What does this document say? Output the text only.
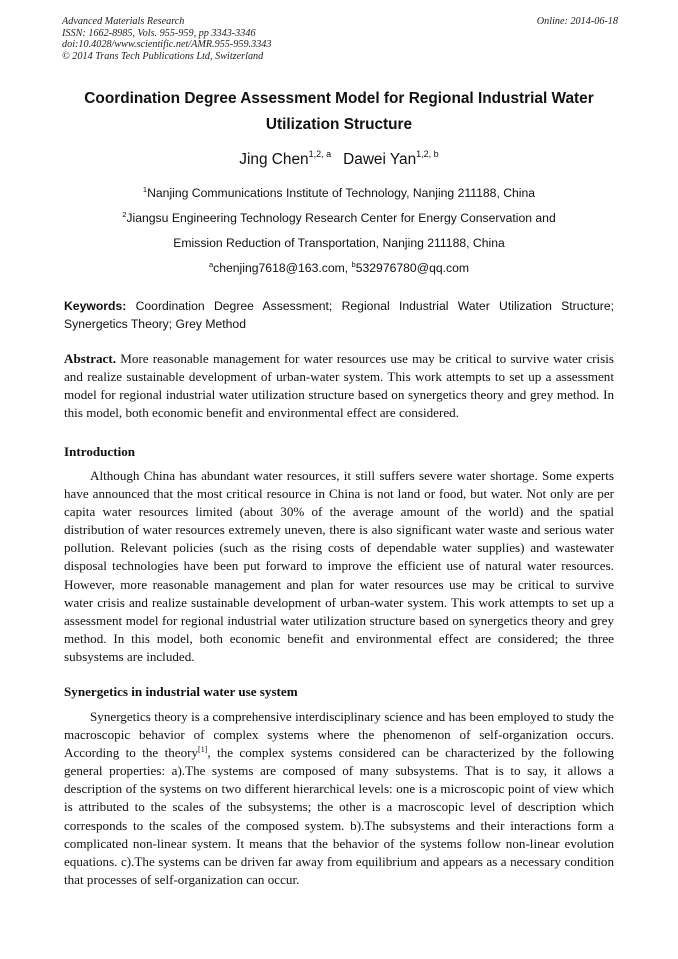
Advanced Materials Research
ISSN: 1662-8985, Vols. 955-959, pp 3343-3346
doi:10.4028/www.scientific.net/AMR.955-959.3343
© 2014 Trans Tech Publications Ltd, Switzerland
Online: 2014-06-18
Coordination Degree Assessment Model for Regional Industrial Water
Utilization Structure
Jing Chen$^{1,2, a}$ Dawei Yan$^{1,2, b}$
$^1$Nanjing Communications Institute of Technology, Nanjing 211188, China
$^2$Jiangsu Engineering Technology Research Center for Energy Conservation and
Emission Reduction of Transportation, Nanjing 211188, China
$^a$chenjing7618@163.com, $^b$532976780@qq.com
Keywords: Coordination Degree Assessment; Regional Industrial Water Utilization Structure; Synergetics Theory; Grey Method
Abstract. More reasonable management for water resources use may be critical to survive water crisis and realize sustainable development of urban-water system. This work attempts to set up a assessment model for regional industrial water utilization structure based on synergetics theory and grey method. In this model, both economic benefit and environmental effect are considered.
Introduction
Although China has abundant water resources, it still suffers severe water shortage. Some experts have announced that the most critical resource in China is not land or food, but water. Not only are per capita water resources limited (about 30% of the average amount of the world) and the spatial distribution of water resources extremely uneven, there is also significant water waste and serious water pollution. Relevant policies (such as the rising costs of dependable water supplies) and wastewater disposal technologies have been put forward to improve the efficient use of natural water resources. However, more reasonable management and plan for water resources use may be critical to survive water crisis and realize sustainable development of urban-water system. This work attempts to set up a assessment model for regional industrial water utilization structure based on synergetics theory and grey method. In this model, both economic benefit and environmental effect are considered; the three subsystems are included.
Synergetics in industrial water use system
Synergetics theory is a comprehensive interdisciplinary science and has been employed to study the macroscopic behavior of complex systems where the phenomenon of self-organization occurs. According to the theory[1], the complex systems considered can be characterized by the following general properties: a).The systems are composed of many subsystems. That is to say, it allows a description of the systems on two different hierarchical levels: one is a microscopic point of view which is attributed to the scales of the subsystems; the other is a macroscopic level of description which corresponds to the scales of the composed system. b).The subsystems and their interactions form a complicated non-linear system. It means that the behavior of the systems follow non-linear evolution equations. c).The systems can be driven far away from equilibrium and appears as a necessary condition that processes of self-organization can occur.
